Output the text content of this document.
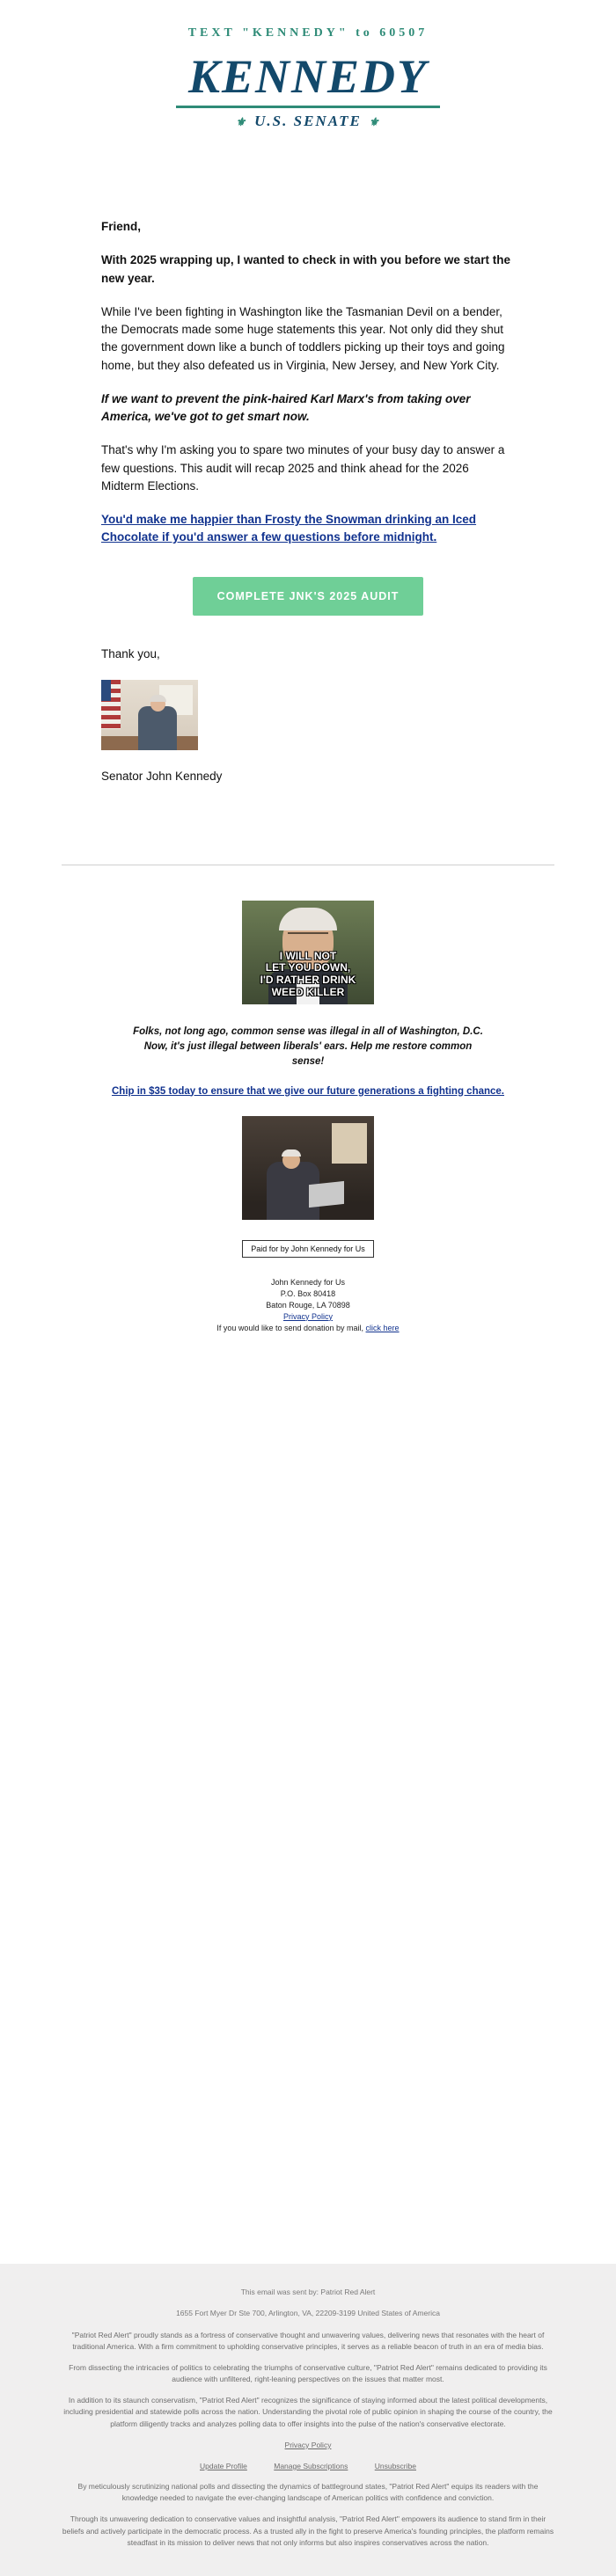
TEXT "KENNEDY" to 60507
KENNEDY
⚜ U.S. SENATE ⚜

Friend,

With 2025 wrapping up, I wanted to check in with you before we start the new year.

While I've been fighting in Washington like the Tasmanian Devil on a bender, the Democrats made some huge statements this year. Not only did they shut the government down like a bunch of toddlers picking up their toys and going home, but they also defeated us in Virginia, New Jersey, and New York City.

If we want to prevent the pink-haired Karl Marx's from taking over America, we've got to get smart now.

That's why I'm asking you to spare two minutes of your busy day to answer a few questions. This audit will recap 2025 and think ahead for the 2026 Midterm Elections.

You'd make me happier than Frosty the Snowman drinking an Iced Chocolate if you'd answer a few questions before midnight.
COMPLETE JNK'S 2025 AUDIT

Thank you,

Senator John Kennedy
I WILL NOT
LET YOU DOWN,
I'D RATHER DRINK
WEED KILLER
Folks, not long ago, common sense was illegal in all of Washington, D.C. Now, it's just illegal between liberals' ears. Help me restore common sense!
Chip in $35 today to ensure that we give our future generations a fighting chance.
Paid for by John Kennedy for Us
John Kennedy for Us
P.O. Box 80418
Baton Rouge, LA 70898
Privacy Policy
If you would like to send donation by mail, click here

This email was sent by: Patriot Red Alert

1655 Fort Myer Dr Ste 700, Arlington, VA, 22209-3199 United States of America

"Patriot Red Alert" proudly stands as a fortress of conservative thought and unwavering values, delivering news that resonates with the heart of traditional America. With a firm commitment to upholding conservative principles, it serves as a reliable beacon of truth in an era of media bias.

From dissecting the intricacies of politics to celebrating the triumphs of conservative culture, "Patriot Red Alert" remains dedicated to providing its audience with unfiltered, right-leaning perspectives on the issues that matter most.

In addition to its staunch conservatism, "Patriot Red Alert" recognizes the significance of staying informed about the latest political developments, including presidential and statewide polls across the nation. Understanding the pivotal role of public opinion in shaping the course of the country, the platform diligently tracks and analyzes polling data to offer insights into the pulse of the nation's conservative electorate.

Privacy Policy

Update Profile	Manage Subscriptions	Unsubscribe

By meticulously scrutinizing national polls and dissecting the dynamics of battleground states, "Patriot Red Alert" equips its readers with the knowledge needed to navigate the ever-changing landscape of American politics with confidence and conviction.

Through its unwavering dedication to conservative values and insightful analysis, "Patriot Red Alert" empowers its audience to stand firm in their beliefs and actively participate in the democratic process. As a trusted ally in the fight to preserve America's founding principles, the platform remains steadfast in its mission to deliver news that not only informs but also inspires conservatives across the nation.
